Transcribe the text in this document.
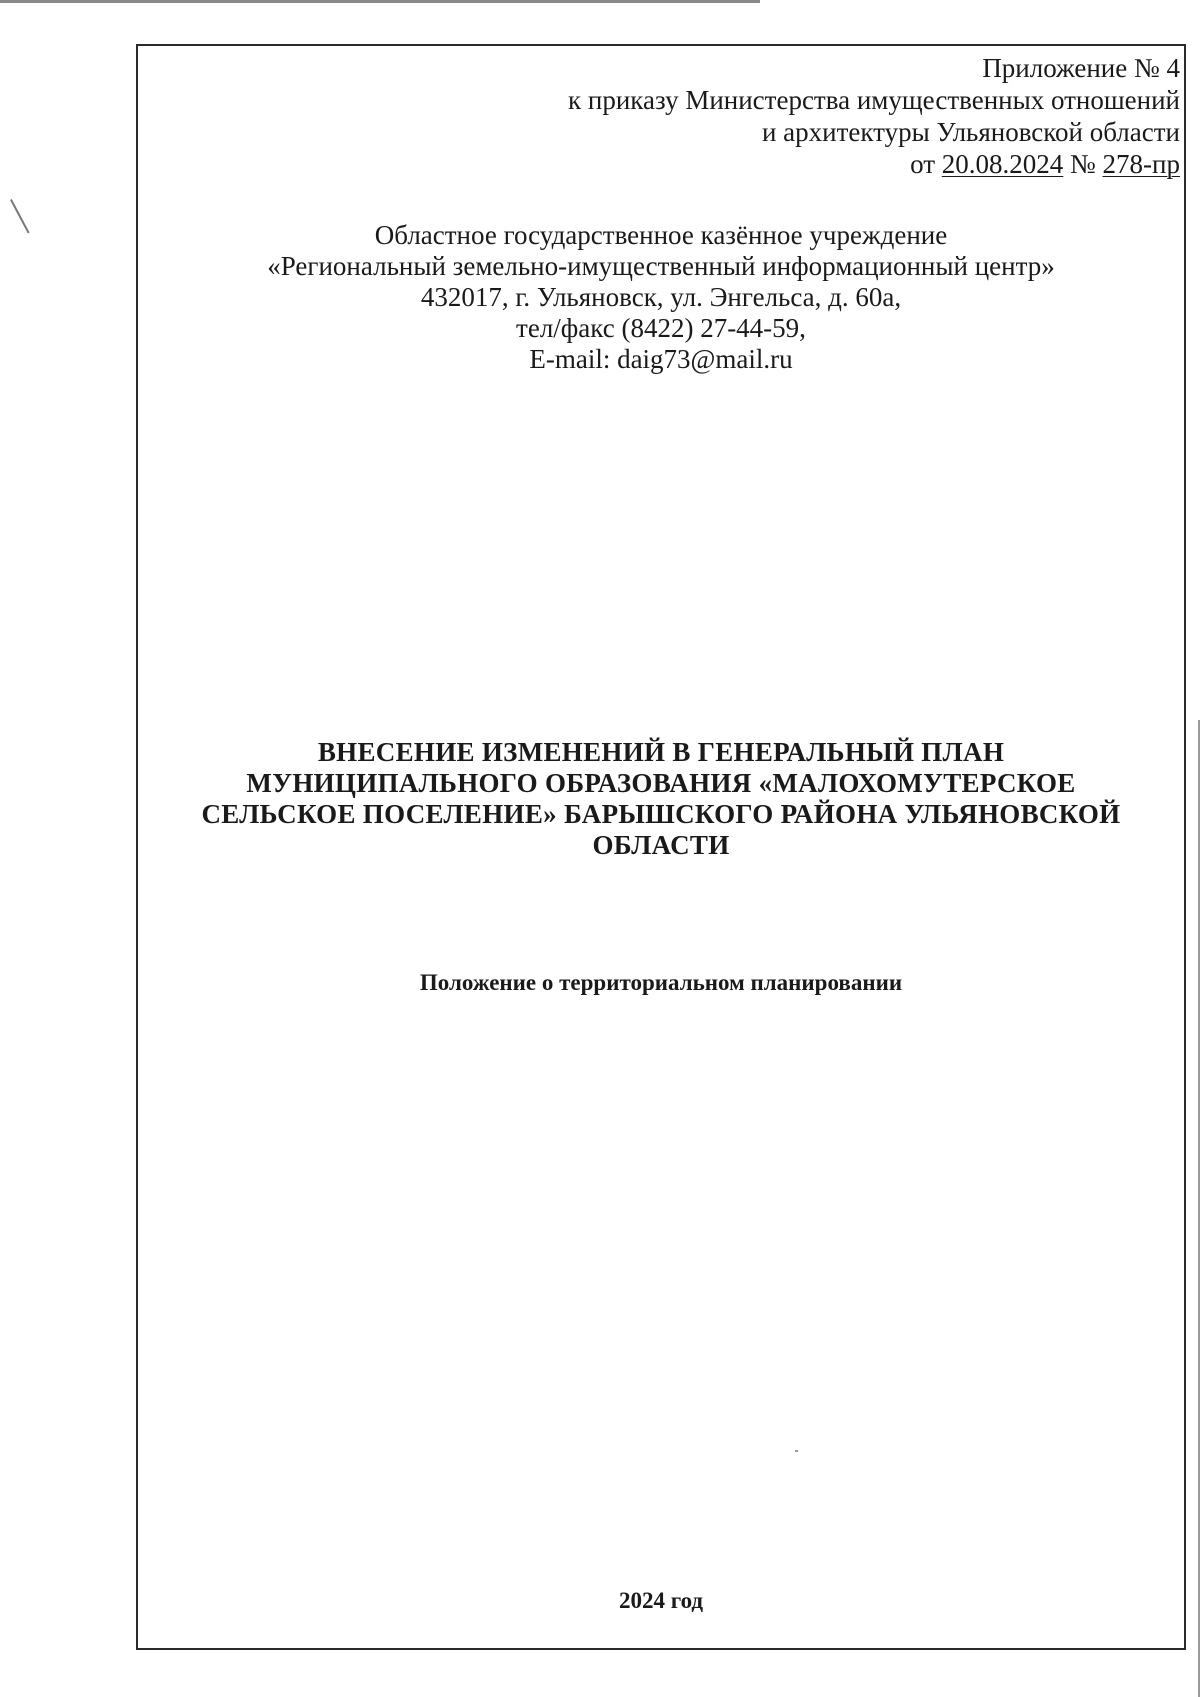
Приложение № 4
к приказу Министерства имущественных отношений
и архитектуры Ульяновской области
от 20.08.2024 № 278-пр
Областное государственное казённое учреждение
«Региональный земельно-имущественный информационный центр»
432017, г. Ульяновск, ул. Энгельса, д. 60а,
тел/факс (8422) 27-44-59,
E-mail: daig73@mail.ru
ВНЕСЕНИЕ ИЗМЕНЕНИЙ В ГЕНЕРАЛЬНЫЙ ПЛАН МУНИЦИПАЛЬНОГО ОБРАЗОВАНИЯ «МАЛОХОМУТЕРСКОЕ СЕЛЬСКОЕ ПОСЕЛЕНИЕ» БАРЫШСКОГО РАЙОНА УЛЬЯНОВСКОЙ ОБЛАСТИ
Положение о территориальном планировании
2024 год
